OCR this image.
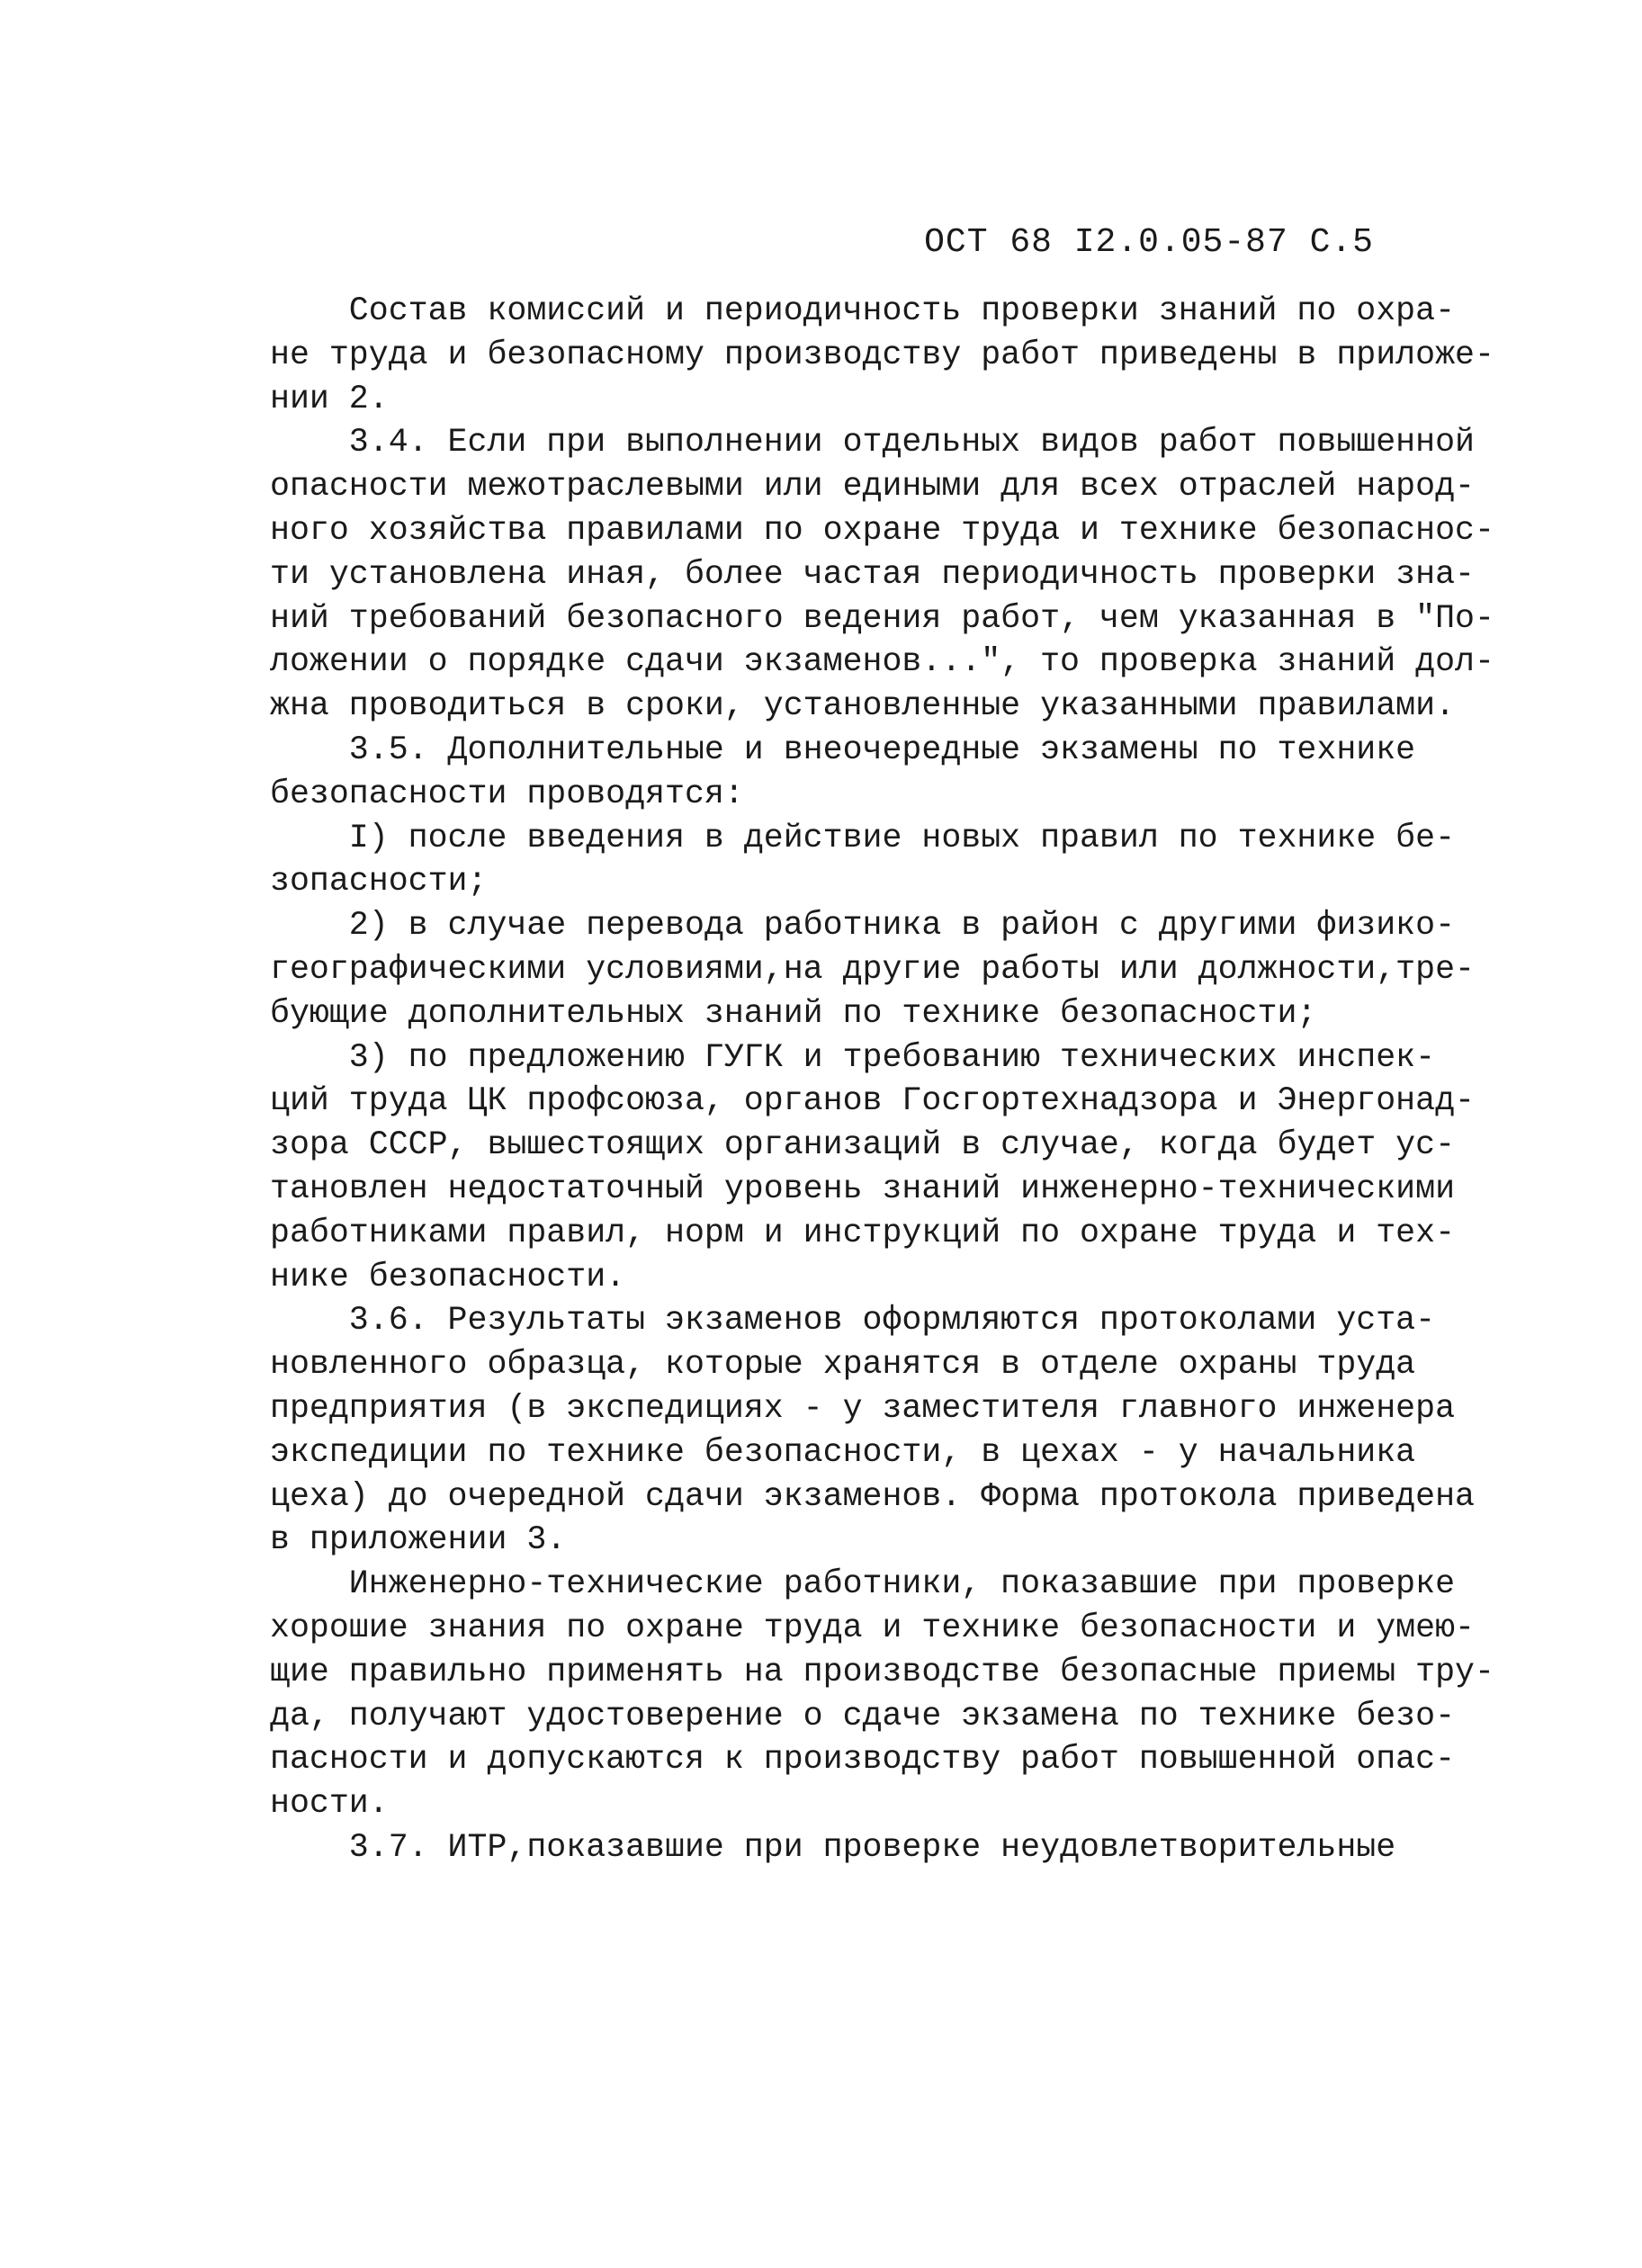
ОСТ 68 I2.0.05-87 С.5
Состав комиссий и периодичность проверки знаний по охра-
не труда и безопасному производству работ приведены в приложе-
нии 2.
3.4. Если при выполнении отдельных видов работ повышенной
опасности межотраслевыми или едиными для всех отраслей народ-
ного хозяйства правилами по охране труда и технике безопаснос-
ти установлена иная, более частая периодичность проверки зна-
ний требований безопасного ведения работ, чем указанная в "По-
ложении о порядке сдачи экзаменов...", то проверка знаний дол-
жна проводиться в сроки, установленные указанными правилами.
3.5. Дополнительные и внеочередные экзамены по технике
безопасности проводятся:
I) после введения в действие новых правил по технике бе-
зопасности;
2) в случае перевода работника в район с другими физико-
географическими условиями,на другие работы или должности,тре-
бующие дополнительных знаний по технике безопасности;
3) по предложению ГУГК и требованию технических инспек-
ций труда ЦК профсоюза, органов Госгортехнадзора и Энергонад-
зора СССР, вышестоящих организаций в случае, когда будет ус-
тановлен недостаточный уровень знаний инженерно-техническими
работниками правил, норм и инструкций по охране труда и тех-
нике безопасности.
3.6. Результаты экзаменов оформляются протоколами уста-
новленного образца, которые хранятся в отделе охраны труда
предприятия (в экспедициях - у заместителя главного инженера
экспедиции по технике безопасности, в цехах - у начальника
цеха) до очередной сдачи экзаменов. Форма протокола приведена
в приложении 3.
Инженерно-технические работники, показавшие при проверке
хорошие знания по охране труда и технике безопасности и умею-
щие правильно применять на производстве безопасные приемы тру-
да, получают удостоверение о сдаче экзамена по технике безо-
пасности и допускаются к производству работ повышенной опас-
ности.
3.7. ИТР,показавшие при проверке неудовлетворительные
